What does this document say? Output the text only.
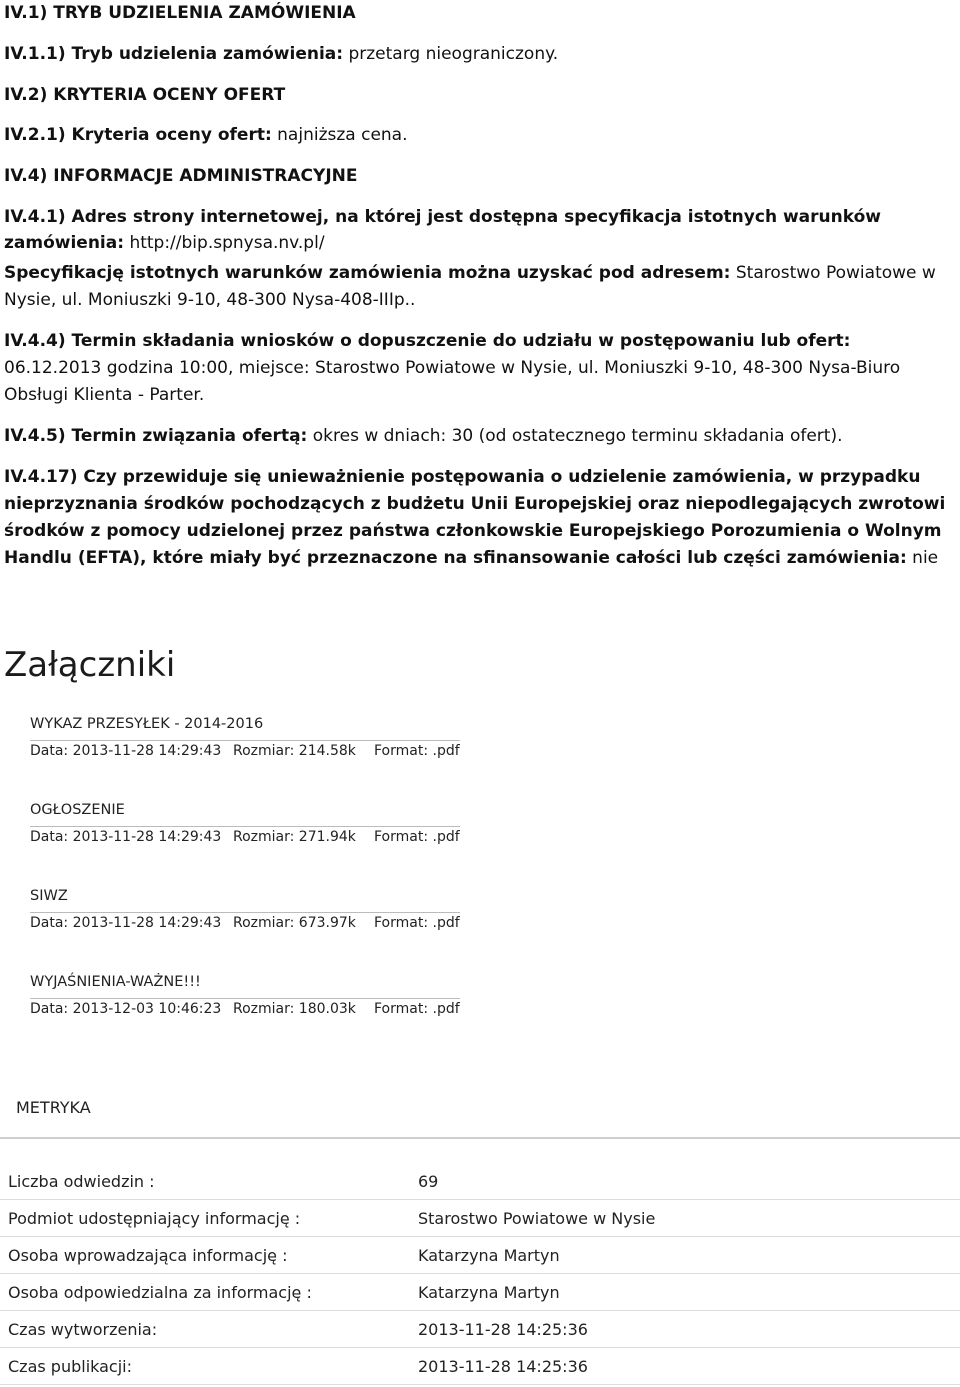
IV.1) TRYB UDZIELENIA ZAMÓWIENIA
IV.1.1) Tryb udzielenia zamówienia: przetarg nieograniczony.
IV.2) KRYTERIA OCENY OFERT
IV.2.1) Kryteria oceny ofert: najniższa cena.
IV.4) INFORMACJE ADMINISTRACYJNE
IV.4.1) Adres strony internetowej, na której jest dostępna specyfikacja istotnych warunków
zamówienia: http://bip.spnysa.nv.pl/
Specyfikację istotnych warunków zamówienia można uzyskać pod adresem: Starostwo Powiatowe w
Nysie, ul. Moniuszki 9-10, 48-300 Nysa-408-IIIp..
IV.4.4) Termin składania wniosków o dopuszczenie do udziału w postępowaniu lub ofert: 06.12.2013 godzina 10:00, miejsce: Starostwo Powiatowe w Nysie, ul. Moniuszki 9-10, 48-300 Nysa-Biuro Obsługi Klienta - Parter.
IV.4.5) Termin związania ofertą: okres w dniach: 30 (od ostatecznego terminu składania ofert).
IV.4.17) Czy przewiduje się unieważnienie postępowania o udzielenie zamówienia, w przypadku nieprzyznania środków pochodzących z budżetu Unii Europejskiej oraz niepodlegających zwrotowi środków z pomocy udzielonej przez państwa członkowskie Europejskiego Porozumienia o Wolnym Handlu (EFTA), które miały być przeznaczone na sfinansowanie całości lub części zamówienia: nie
Załączniki
WYKAZ PRZESYŁEK - 2014-2016
Data: 2013-11-28 14:29:43 Rozmiar: 214.58k Format: .pdf
OGŁOSZENIE
Data: 2013-11-28 14:29:43 Rozmiar: 271.94k Format: .pdf
SIWZ
Data: 2013-11-28 14:29:43 Rozmiar: 673.97k Format: .pdf
WYJAŚNIENIA-WAŻNE!!!
Data: 2013-12-03 10:46:23 Rozmiar: 180.03k Format: .pdf
METRYKA
Liczba odwiedzin :	69
Podmiot udostępniający informację :	Starostwo Powiatowe w Nysie
Osoba wprowadzająca informację :	Katarzyna Martyn
Osoba odpowiedzialna za informację :	Katarzyna Martyn
Czas wytworzenia:	2013-11-28 14:25:36
Czas publikacji:	2013-11-28 14:25:36
